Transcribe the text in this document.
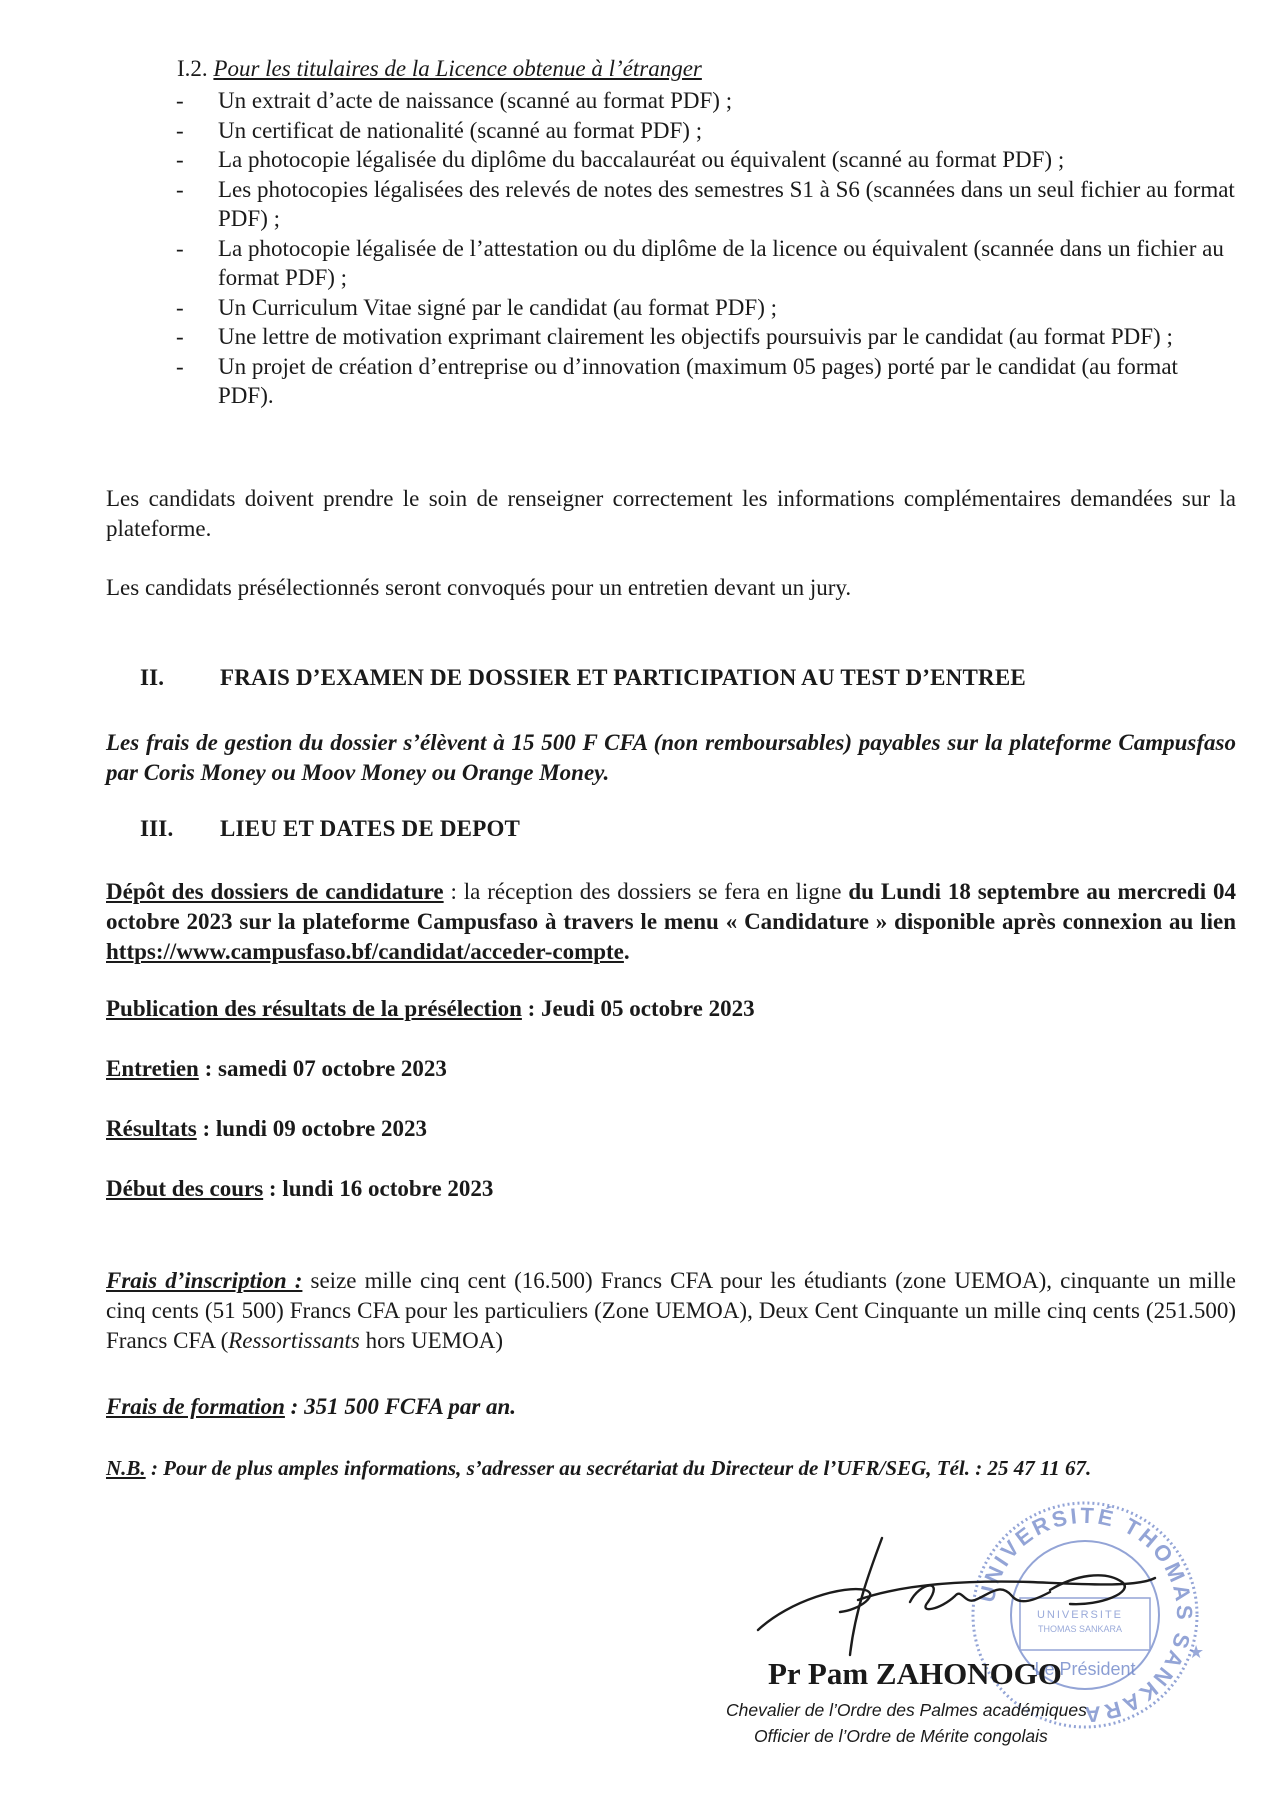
I.2. Pour les titulaires de la Licence obtenue à l’étranger
- Un extrait d’acte de naissance (scanné au format PDF) ;
- Un certificat de nationalité (scanné au format PDF) ;
- La photocopie légalisée du diplôme du baccalauréat ou équivalent (scanné au format PDF) ;
- Les photocopies légalisées des relevés de notes des semestres S1 à S6 (scannées dans un seul fichier au format PDF) ;
- La photocopie légalisée de l’attestation ou du diplôme de la licence ou équivalent (scannée dans un fichier au format PDF) ;
- Un Curriculum Vitae signé par le candidat (au format PDF) ;
- Une lettre de motivation exprimant clairement les objectifs poursuivis par le candidat (au format PDF) ;
- Un projet de création d’entreprise ou d’innovation (maximum 05 pages) porté par le candidat (au format PDF).

Les candidats doivent prendre le soin de renseigner correctement les informations complémentaires demandées sur la plateforme.

Les candidats présélectionnés seront convoqués pour un entretien devant un jury.

II. FRAIS D’EXAMEN DE DOSSIER ET PARTICIPATION AU TEST D’ENTREE

Les frais de gestion du dossier s’élèvent à 15 500 F CFA (non remboursables) payables sur la plateforme Campusfaso par Coris Money ou Moov Money ou Orange Money.

III. LIEU ET DATES DE DEPOT

Dépôt des dossiers de candidature : la réception des dossiers se fera en ligne du Lundi 18 septembre au mercredi 04 octobre 2023 sur la plateforme Campusfaso à travers le menu « Candidature » disponible après connexion au lien https://www.campusfaso.bf/candidat/acceder-compte.

Publication des résultats de la présélection : Jeudi 05 octobre 2023
Entretien : samedi 07 octobre 2023
Résultats : lundi 09 octobre 2023
Début des cours : lundi 16 octobre 2023

Frais d’inscription : seize mille cinq cent (16.500) Francs CFA pour les étudiants (zone UEMOA), cinquante un mille cinq cents (51 500) Francs CFA pour les particuliers (Zone UEMOA), Deux Cent Cinquante un mille cinq cents (251.500) Francs CFA (Ressortissants hors UEMOA)

Frais de formation : 351 500 FCFA par an.
N.B. : Pour de plus amples informations, s’adresser au secrétariat du Directeur de l’UFR/SEG, Tél. : 25 47 11 67.
UNIVERSITÉ THOMAS SANKARA
Le Président
UNIVERSITE
THOMAS SANKARA
★
Pr Pam ZAHONOGO
Chevalier de l’Ordre des Palmes académiques
Officier de l’Ordre de Mérite congolais
